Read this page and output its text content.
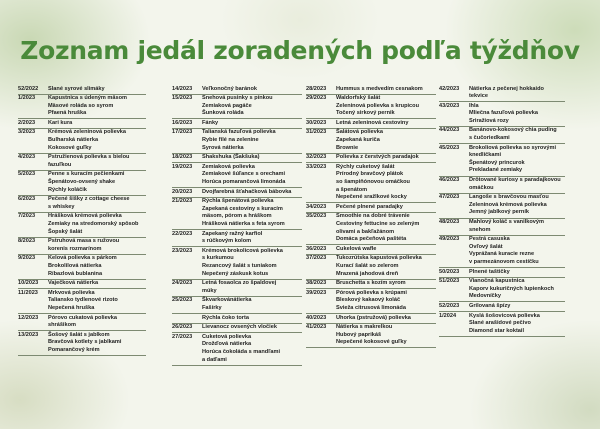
Zoznam jedál zoradených podľa týždňov
52/2022 Slané syrové slimáky
1/2023 Kapustnica s údeným mäsom
Mäsové roláda so syrom
Pfaená hruška
2/2023 Kari kura
3/2023 Krémová zeleninová polievka
Bulharská nátierka
Kokosové guľky
4/2023 Pstružienová polievka s bielou
fazuľkou
5/2023 Penne s kuracím pečienkami
Špenátovo-ovsený shake
Rýchly koláčik
6/2023 Pečené šišky z cottage cheese
s whiskey
7/2023 Hrášková krémová polievka
Zemiaky na stredomorský spôsob
Šopský šalát
8/2023 Pstruhová masa s ružovou
korenis rozmarínom
9/2023 Kelová polievka s párkom
Brokolilová nátierka
Ríbazlová bublanina
10/2023 Vaječková nátierka
11/2023 Mrkvová polievka
Taliansko tydlenové rizoto
Nepečená hruška
12/2023 Pórovo cukatová polievka
shrášikom
13/2023 Šošový šalát s jablkom
Bravčová kotlety s jablkami
Pomarančový krém
14/2023 Veľkonočný baránok
15/2023 Snehová pusinky s pínkou
Zemiaková pagáče
Šunková roláda
16/2023 Fánky
17/2023 Talianská fazuľová polievka
Rybie filé na zelenine
Syrová nátierka
18/2023 Shakshuka (Šakšuka)
19/2023 Zemiaková polievka
Zemiakové šúľance s orechami
Horúca pomarančová limonáda
20/2023 Dvojfarebná šťahačková bábovka
21/2023 Rýchla špenátová polievka
Zapekaná cestoviny s kuracím
mäsom, pórom a hráškom
Hrášková nátierka s feta syrom
22/2023 Zapekaný ražný karfiol
s rúčkovým kolom
23/2023 Krémová brokolicová polievka
s kurkumou
Rezancový šalát s tuniakom
Nepečený záskusk kotus
24/2023 Letná fosaolca zo špaldovej
múky
25/2023 Škvarkovánátierka
Fašírky
Rýchla čoko torta
26/2023 Lievanocz ovsených vločiek
27/2023 Cuketová polievka
Drožďová nátierka
Horúca čokoláda s mandľami
a datľami
28/2023 Hummus s medvedím cesnakom
29/2023 Waldorfský šalát
Zeleninová polievka s krupicou
Točený sirkový pernik
30/2023 Letná zeleninová cestoviny
31/2023 Šalátová polievka
Zapekaná kuriča
Brownie
32/2023 Polievka z čerstvých paradajok
33/2023 Rýchly cuketový šalát
Prírodný bravčový plátok
so šampiňónovou omáčkou
a špenátom
Nepečené sražlkové kocky
34/2023 Pečené plnené paradajky
35/2023 Smoothie na dobré trávenie
Cestoviny fettucine so zeleným
olivami a bakľažánom
Domáca pečeňová paštéta
36/2023 Cukelová wafle
37/2023 Tukozrútska kapustová polievka
Kurací šalát so zelerom
Mrazená jahodová dreň
38/2023 Bruschetta s kozím syrom
39/2023 Pórová polievka s krúpami
Bleskový kakaový koláč
Svieža citrusová limonáda
40/2023 Uhorka (pstružová) polievka
41/2023 Nátierka s makrelkou
Hubový paprikáš
Nepečené kokosové guľky
42/2023 Nátierka z pečenej hokkaido
tekvice
43/2023 Ihla
Mliečna fazuľová polievka
Sriražiová rozy
44/2023 Banánovo-kokosový chia puding
s čučoriedkami
45/2023 Brokoliová polievka so syrovými
knedličkami
Špenátový princurok
Prekladané zemiaky
46/2023 Drôtované kuriosy s paradajkovou
omáčkou
47/2023 Langoše s bravčovou masťou
Zeleninová krémová polievka
Jemný jablkový perník
48/2023 Mahlový koláč s vanilkovým
snehom
49/2023 Pestrá casuska
Ovľový šalát
Vyprážaná kuracie rezne
v parmezánovom cestíčku
50/2023 Plnené taštičky
51/2023 Vianočná kapustnica
Kaporv kukuričných lupienkoch
Medovníčky
52/2023 Grilovaná špízy
1/2024 Kyslá šošovicová polievka
Slané arašidové pečivo
Diamond star koktail
